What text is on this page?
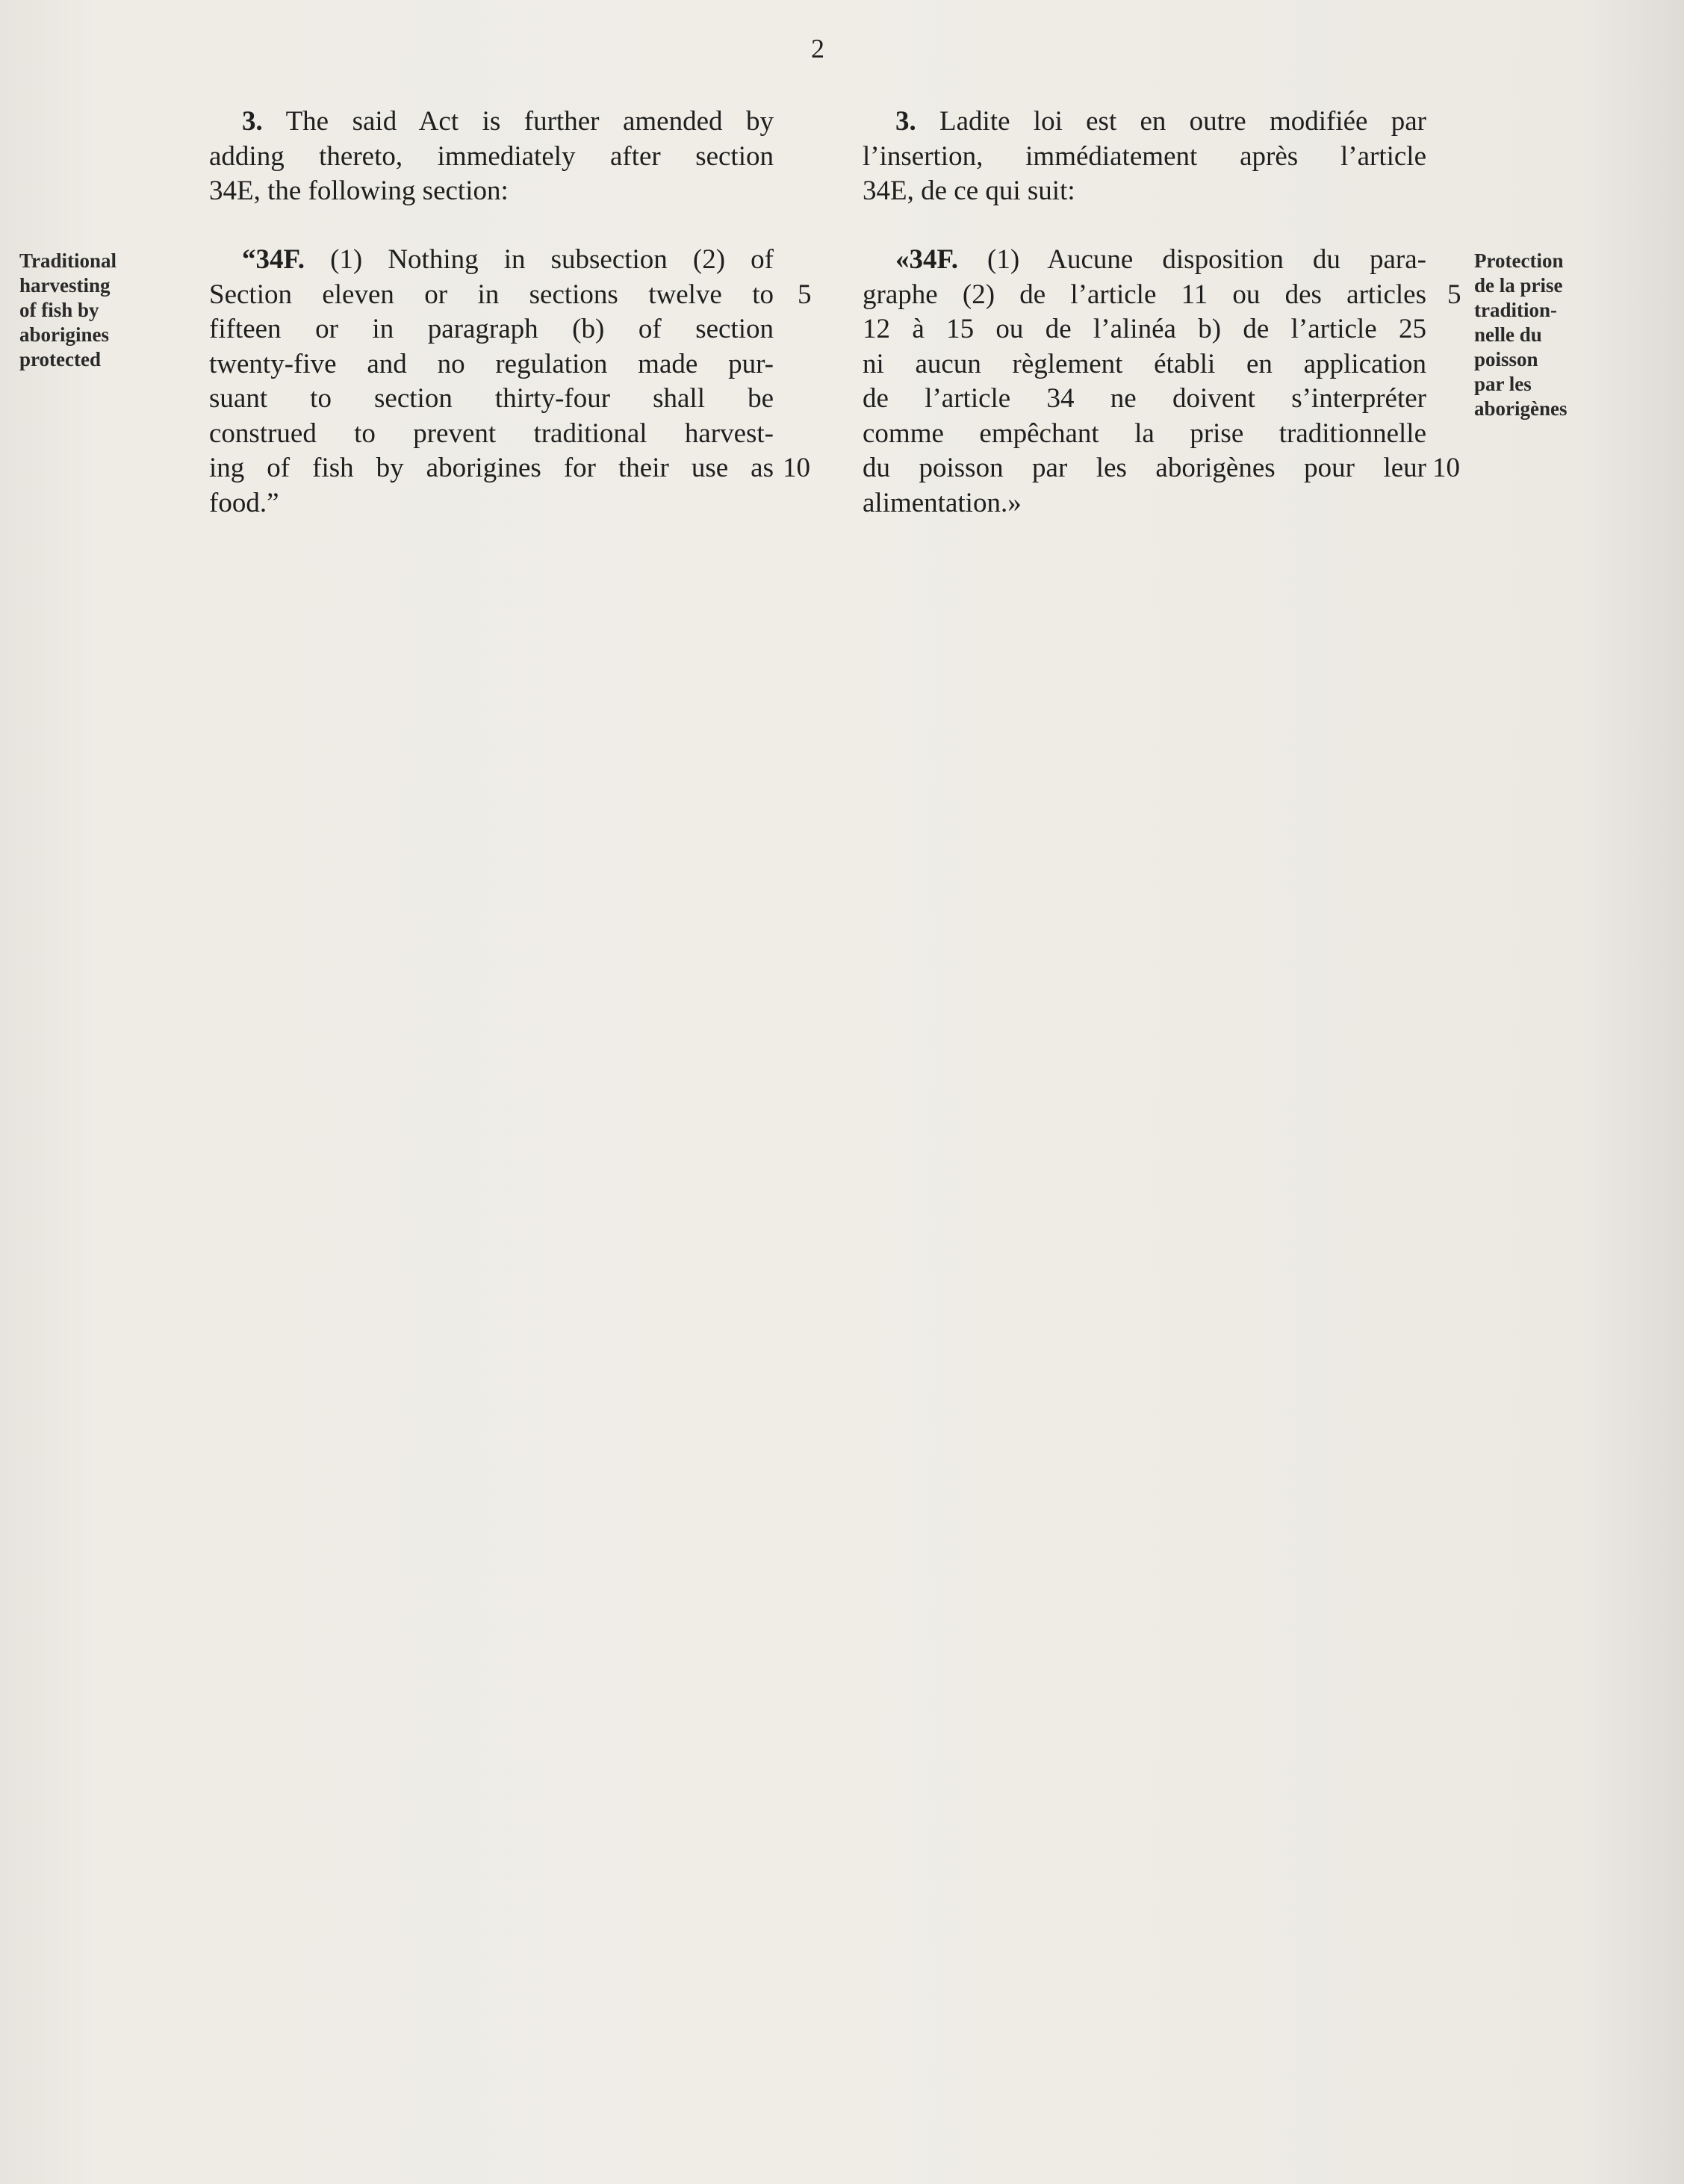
2
3. The said Act is further amended by
adding thereto, immediately after section
34E, the following section:
3. Ladite loi est en outre modifiée par
l’insertion, immédiatement après l’article
34E, de ce qui suit:
Traditional
harvesting
of fish by
aborigines
protected
Protection
de la prise
tradition-
nelle du
poisson
par les
aborigènes
“34F. (1) Nothing in subsection (2) of
Section eleven or in sections twelve to
fifteen or in paragraph (b) of section
twenty-five and no regulation made pur-
suant to section thirty-four shall be
construed to prevent traditional harvest-
ing of fish by aborigines for their use as
food.”
«34F. (1) Aucune disposition du para-
graphe (2) de l’article 11 ou des articles
12 à 15 ou de l’alinéa b) de l’article 25
ni aucun règlement établi en application
de l’article 34 ne doivent s’interpréter
comme empêchant la prise traditionnelle
du poisson par les aborigènes pour leur
alimentation.»
5
10
5
10
